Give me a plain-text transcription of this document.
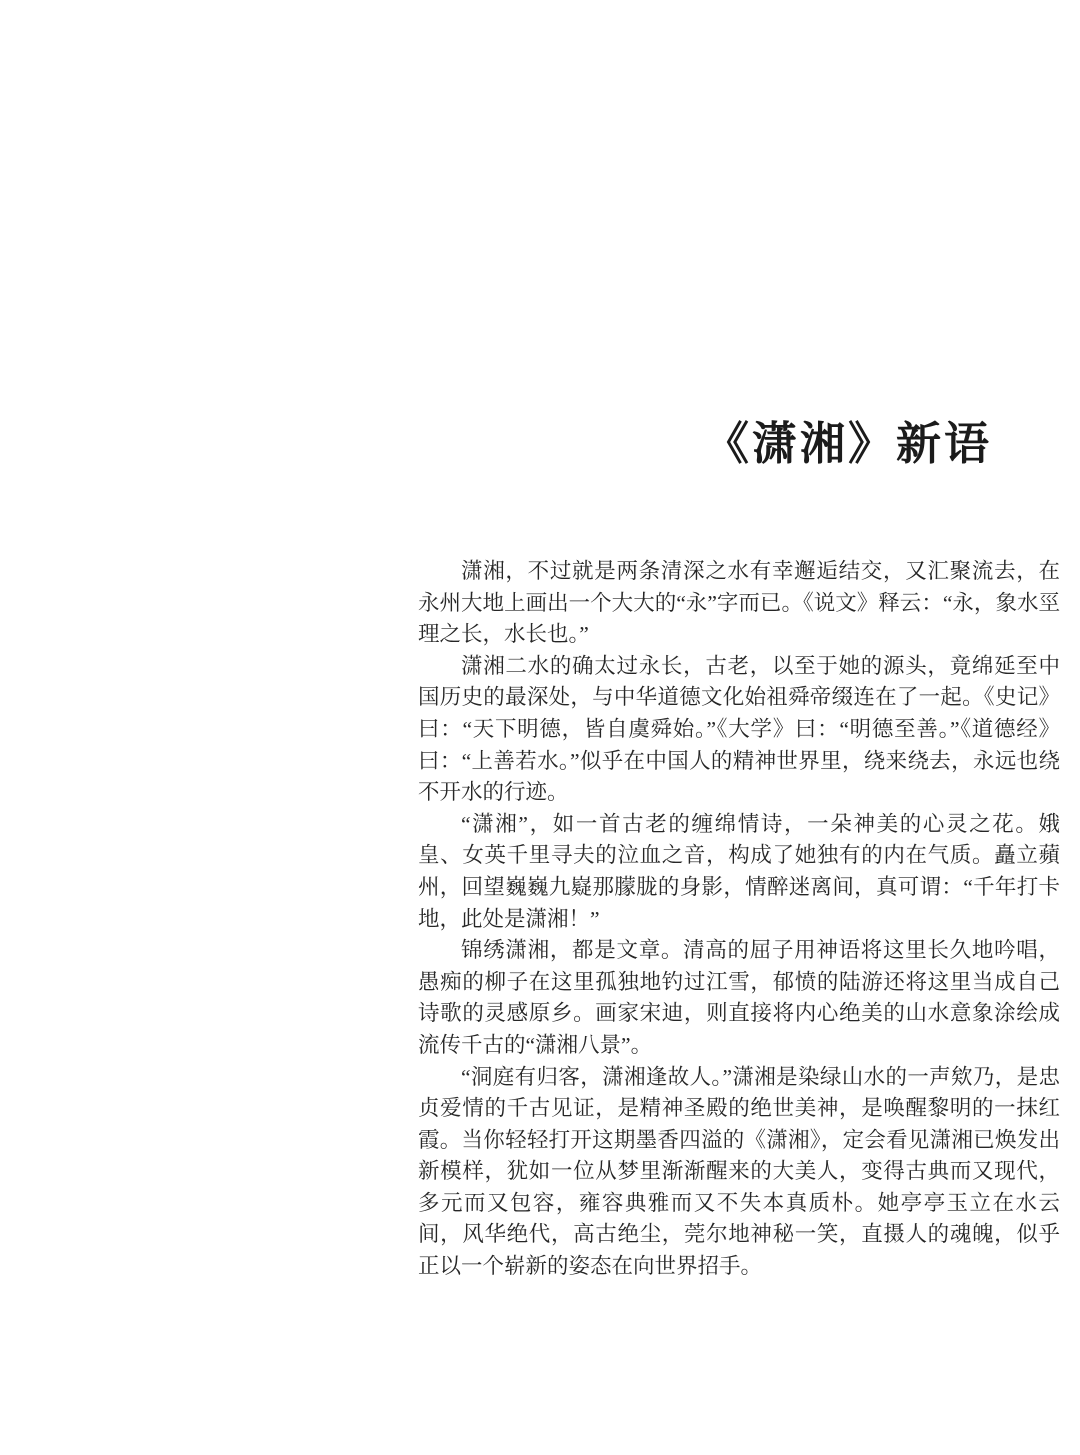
《潇湘》新语

潇湘，不过就是两条清深之水有幸邂逅结交，又汇聚流去，在永州大地上画出一个大大的“永”字而已。《说文》释云：“永，象水巠理之长，水长也。”

潇湘二水的确太过永长，古老，以至于她的源头，竟绵延至中国历史的最深处，与中华道德文化始祖舜帝缀连在了一起。《史记》曰：“天下明德，皆自虞舜始。”《大学》曰：“明德至善。”《道德经》曰：“上善若水。”似乎在中国人的精神世界里，绕来绕去，永远也绕不开水的行迹。

“潇湘”，如一首古老的缠绵情诗，一朵神美的心灵之花。娥皇、女英千里寻夫的泣血之音，构成了她独有的内在气质。矗立蘋州，回望巍巍九嶷那朦胧的身影，情醉迷离间，真可谓：“千年打卡地，此处是潇湘！”

锦绣潇湘，都是文章。清高的屈子用神语将这里长久地吟唱，愚痴的柳子在这里孤独地钓过江雪，郁愤的陆游还将这里当成自己诗歌的灵感原乡。画家宋迪，则直接将内心绝美的山水意象涂绘成流传千古的“潇湘八景”。

“洞庭有归客，潇湘逢故人。”潇湘是染绿山水的一声欸乃，是忠贞爱情的千古见证，是精神圣殿的绝世美神，是唤醒黎明的一抹红霞。当你轻轻打开这期墨香四溢的《潇湘》，定会看见潇湘已焕发出新模样，犹如一位从梦里渐渐醒来的大美人，变得古典而又现代，多元而又包容，雍容典雅而又不失本真质朴。她亭亭玉立在水云间，风华绝代，高古绝尘，莞尔地神秘一笑，直摄人的魂魄，似乎正以一个崭新的姿态在向世界招手。
